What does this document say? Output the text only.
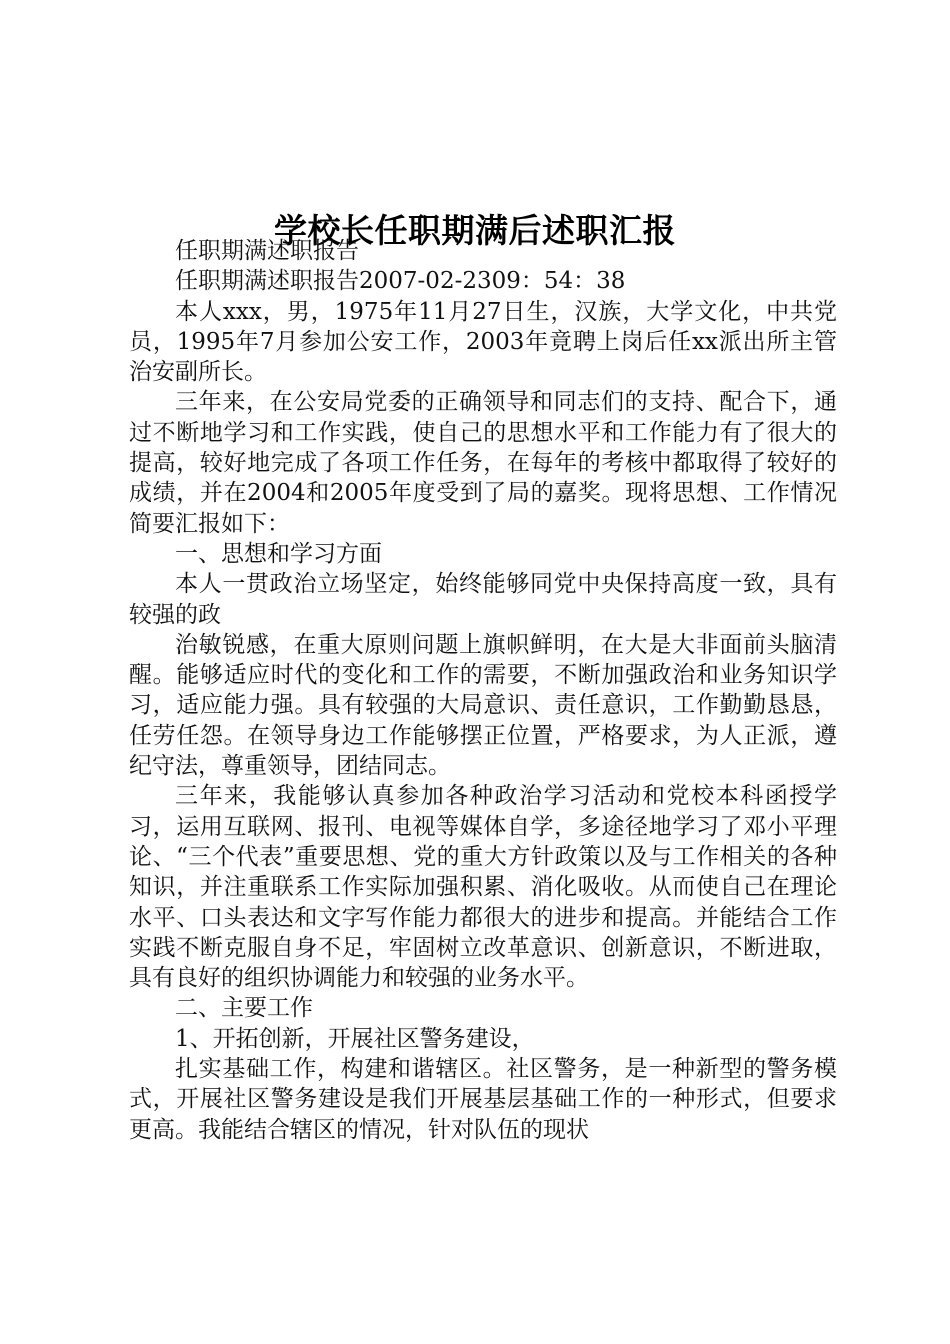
学校长任职期满后述职汇报

任职期满述职报告

任职期满述职报告2007-02-2309：54：38

本人xxx，男，1975年11月27日生，汉族，大学文化，中共党员，1995年7月参加公安工作，2003年竟聘上岗后任xx派出所主管治安副所长。

三年来，在公安局党委的正确领导和同志们的支持、配合下，通过不断地学习和工作实践，使自己的思想水平和工作能力有了很大的提高，较好地完成了各项工作任务，在每年的考核中都取得了较好的成绩，并在2004和2005年度受到了局的嘉奖。现将思想、工作情况简要汇报如下：

一、思想和学习方面

本人一贯政治立场坚定，始终能够同党中央保持高度一致，具有较强的政

治敏锐感，在重大原则问题上旗帜鲜明，在大是大非面前头脑清醒。能够适应时代的变化和工作的需要，不断加强政治和业务知识学习，适应能力强。具有较强的大局意识、责任意识，工作勤勤恳恳，任劳任怨。在领导身边工作能够摆正位置，严格要求，为人正派，遵纪守法，尊重领导，团结同志。

三年来，我能够认真参加各种政治学习活动和党校本科函授学习，运用互联网、报刊、电视等媒体自学，多途径地学习了邓小平理论、“三个代表”重要思想、党的重大方针政策以及与工作相关的各种知识，并注重联系工作实际加强积累、消化吸收。从而使自己在理论水平、口头表达和文字写作能力都很大的进步和提高。并能结合工作实践不断克服自身不足，牢固树立改革意识、创新意识，不断进取，具有良好的组织协调能力和较强的业务水平。

二、主要工作

1、开拓创新，开展社区警务建设，

扎实基础工作，构建和谐辖区。社区警务，是一种新型的警务模式，开展社区警务建设是我们开展基层基础工作的一种形式，但要求更高。我能结合辖区的情况，针对队伍的现状
